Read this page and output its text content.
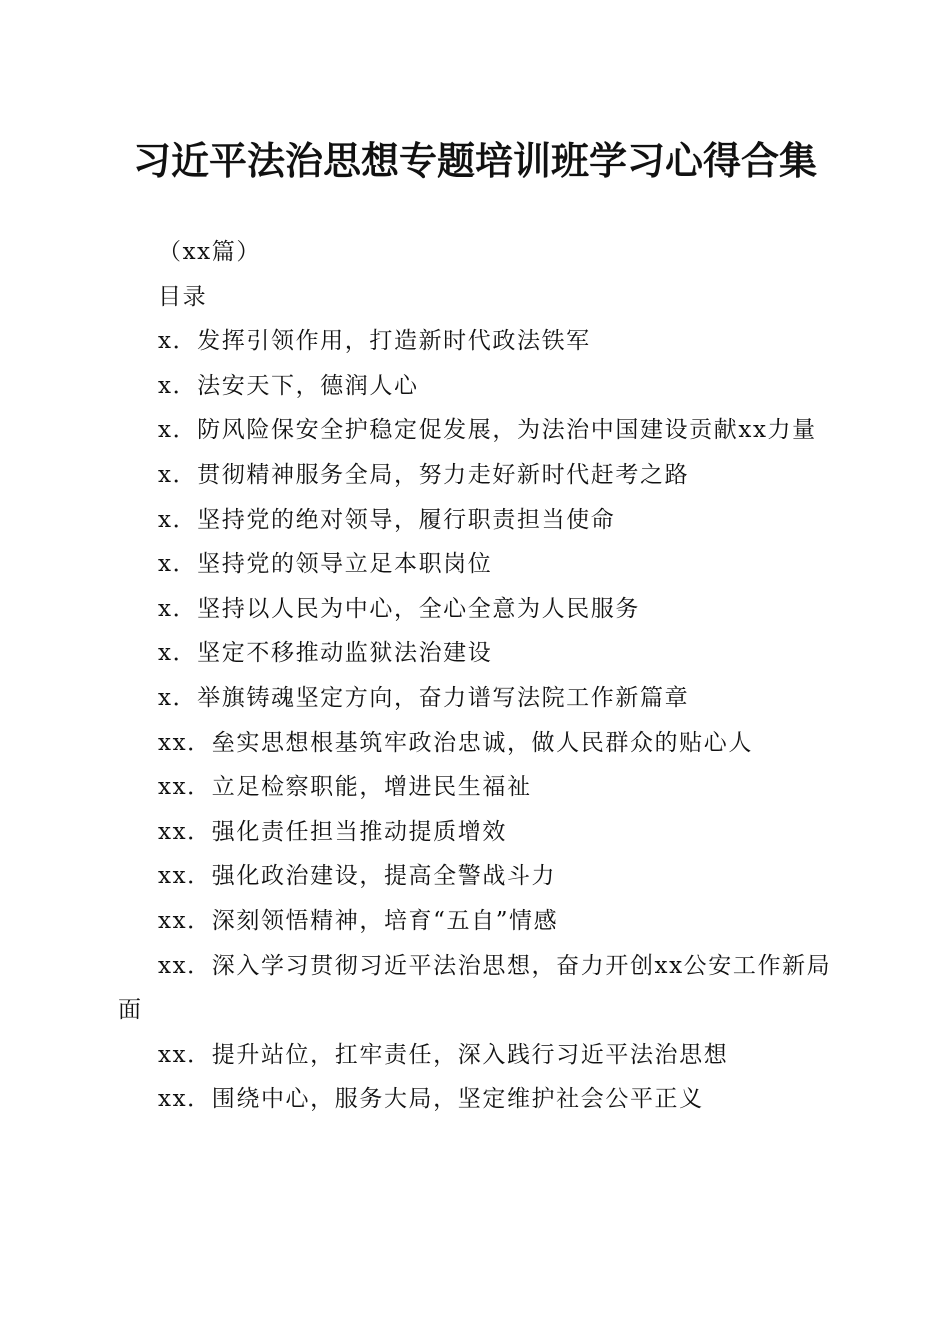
习近平法治思想专题培训班学习心得合集

（xx篇）

目录

x．发挥引领作用，打造新时代政法铁军

x．法安天下，德润人心

x．防风险保安全护稳定促发展，为法治中国建设贡献xx力量

x．贯彻精神服务全局，努力走好新时代赶考之路

x．坚持党的绝对领导，履行职责担当使命

x．坚持党的领导立足本职岗位

x．坚持以人民为中心，全心全意为人民服务

x．坚定不移推动监狱法治建设

x．举旗铸魂坚定方向，奋力谱写法院工作新篇章

xx．垒实思想根基筑牢政治忠诚，做人民群众的贴心人

xx．立足检察职能，增进民生福祉

xx．强化责任担当推动提质增效

xx．强化政治建设，提高全警战斗力

xx．深刻领悟精神，培育“五自”情感

xx．深入学习贯彻习近平法治思想，奋力开创xx公安工作新局面

xx．提升站位，扛牢责任，深入践行习近平法治思想

xx．围绕中心，服务大局，坚定维护社会公平正义
